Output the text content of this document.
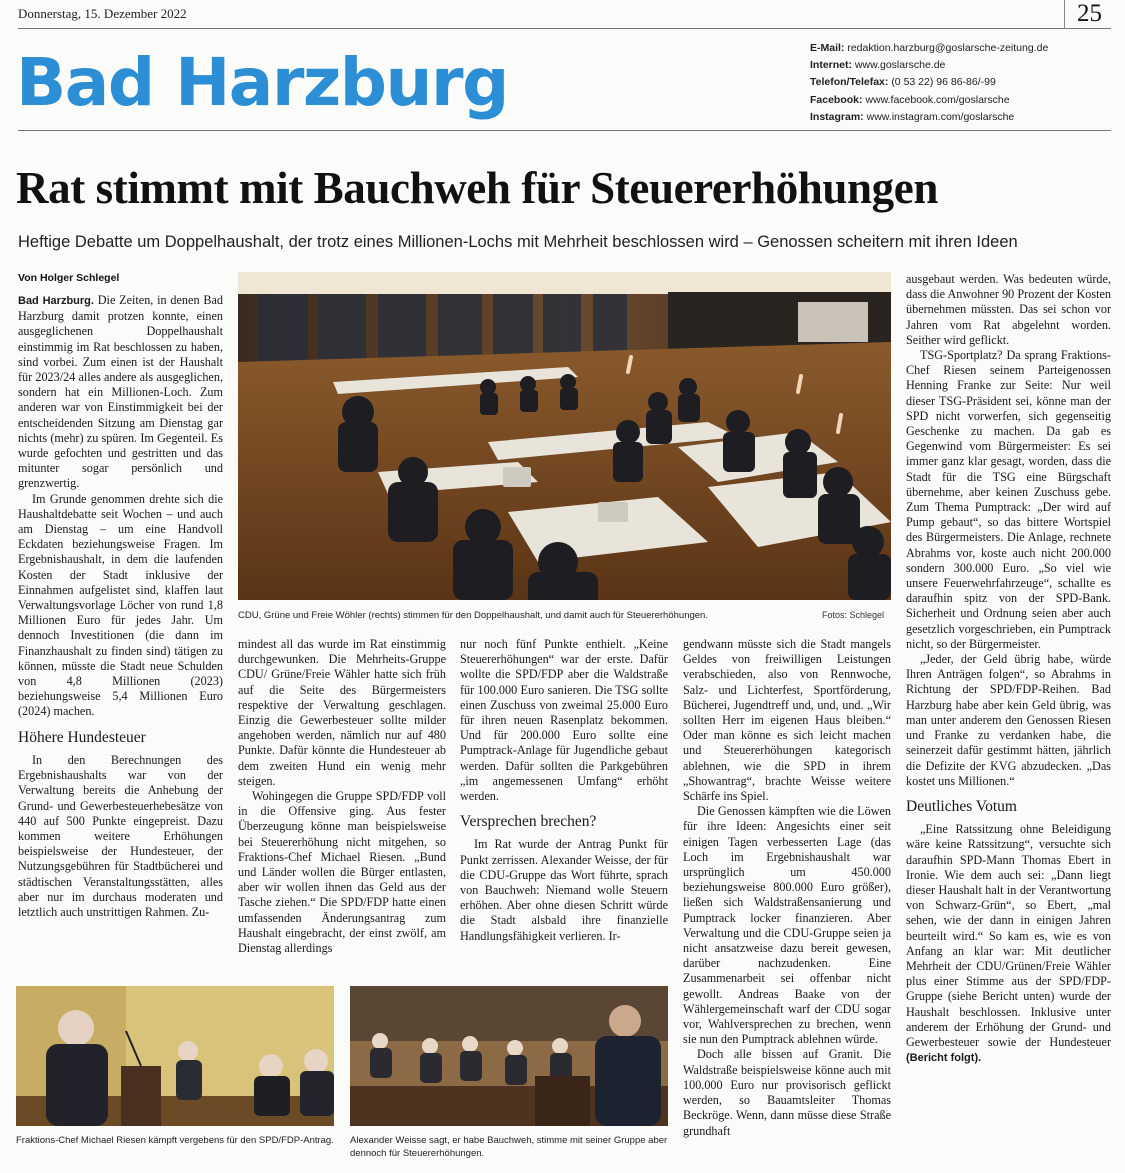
Donnerstag, 15. Dezember 2022	25
Bad Harzburg	E-Mail: redaktion.harzburg@goslarsche-zeitung.de
Internet: www.goslarsche.de
Telefon/Telefax: (0 53 22) 96 86-86/-99
Facebook: www.facebook.com/goslarsche
Instagram: www.instagram.com/goslarsche
Rat stimmt mit Bauchweh für Steuererhöhungen
Heftige Debatte um Doppelhaushalt, der trotz eines Millionen-Lochs mit Mehrheit beschlossen wird – Genossen scheitern mit ihren Ideen
Von Holger Schlegel

Bad Harzburg. Die Zeiten, in denen Bad Harzburg damit protzen konnte, einen ausgeglichenen Doppelhaushalt einstimmig im Rat beschlossen zu haben, sind vorbei. Zum einen ist der Haushalt für 2023/24 alles andere als ausgeglichen, sondern hat ein Millionen-Loch. Zum anderen war von Einstimmigkeit bei der entscheidenden Sitzung am Dienstag gar nichts (mehr) zu spüren. Im Gegenteil. Es wurde gefochten und gestritten und das mitunter sogar persönlich und grenzwertig.

Im Grunde genommen drehte sich die Haushaltdebatte seit Wochen – und auch am Dienstag – um eine Handvoll Eckdaten beziehungsweise Fragen. Im Ergebnishaushalt, in dem die laufenden Kosten der Stadt inklusive der Einnahmen aufgelistet sind, klaffen laut Verwaltungsvorlage Löcher von rund 1,8 Millionen Euro für jedes Jahr. Um dennoch Investitionen (die dann im Finanzhaushalt zu finden sind) tätigen zu können, müsste die Stadt neue Schulden von 4,8 Millionen (2023) beziehungsweise 5,4 Millionen Euro (2024) machen.

Höhere Hundesteuer

In den Berechnungen des Ergebnishaushalts war von der Verwaltung bereits die Anhebung der Grund- und Gewerbesteuerhebesätze von 440 auf 500 Punkte eingepreist. Dazu kommen weitere Erhöhungen beispielsweise der Hundesteuer, der Nutzungsgebühren für Stadtbücherei und städtischen Veranstaltungsstätten, alles aber nur im durchaus moderaten und letztlich auch unstrittigen Rahmen. Zu-

CDU, Grüne und Freie Wöhler (rechts) stimmen für den Doppelhaushalt, und damit auch für Steuererhöhungen.	Fotos: Schlegel

mindest all das wurde im Rat einstimmig durchgewunken. Die Mehrheits-Gruppe CDU/ Grüne/Freie Wähler hatte sich früh auf die Seite des Bürgermeisters respektive der Verwaltung geschlagen. Einzig die Gewerbesteuer sollte milder angehoben werden, nämlich nur auf 480 Punkte. Dafür könnte die Hundesteuer ab dem zweiten Hund ein wenig mehr steigen.

Wohingegen die Gruppe SPD/FDP voll in die Offensive ging. Aus fester Überzeugung könne man beispielsweise bei Steuererhöhung nicht mitgehen, so Fraktions-Chef Michael Riesen. „Bund und Länder wollen die Bürger entlasten, aber wir wollen ihnen das Geld aus der Tasche ziehen.“ Die SPD/FDP hatte einen umfassenden Änderungsantrag zum Haushalt eingebracht, der einst zwölf, am Dienstag allerdings

nur noch fünf Punkte enthielt. „Keine Steuererhöhungen“ war der erste. Dafür wollte die SPD/FDP aber die Waldstraße für 100.000 Euro sanieren. Die TSG sollte einen Zuschuss von zweimal 25.000 Euro für ihren neuen Rasenplatz bekommen. Und für 200.000 Euro sollte eine Pumptrack-Anlage für Jugendliche gebaut werden. Dafür sollten die Parkgebühren „im angemessenen Umfang“ erhöht werden.

Versprechen brechen?

Im Rat wurde der Antrag Punkt für Punkt zerrissen. Alexander Weisse, der für die CDU-Gruppe das Wort führte, sprach von Bauchweh: Niemand wolle Steuern erhöhen. Aber ohne diesen Schritt würde die Stadt alsbald ihre finanzielle Handlungsfähigkeit verlieren. Ir-

gendwann müsste sich die Stadt mangels Geldes von freiwilligen Leistungen verabschieden, also von Rennwoche, Salz- und Lichterfest, Sportförderung, Bücherei, Jugendtreff und, und, und. „Wir sollten Herr im eigenen Haus bleiben.“ Oder man könne es sich leicht machen und Steuererhöhungen kategorisch ablehnen, wie die SPD in ihrem „Showantrag“, brachte Weisse weitere Schärfe ins Spiel.

Die Genossen kämpften wie die Löwen für ihre Ideen: Angesichts einer seit einigen Tagen verbesserten Lage (das Loch im Ergebnishaushalt war ursprünglich um 450.000 beziehungsweise 800.000 Euro größer), ließen sich Waldstraßensanierung und Pumptrack locker finanzieren. Aber Verwaltung und die CDU-Gruppe seien ja nicht ansatzweise dazu bereit gewesen, darüber nachzudenken. Eine Zusammenarbeit sei offenbar nicht gewollt. Andreas Baake von der Wählergemeinschaft warf der CDU sogar vor, Wahlversprechen zu brechen, wenn sie nun den Pumptrack ablehnen würde.

Doch alle bissen auf Granit. Die Waldstraße beispielsweise könne auch mit 100.000 Euro nur provisorisch geflickt werden, so Bauamtsleiter Thomas Beckröge. Wenn, dann müsse diese Straße grundhaft

ausgebaut werden. Was bedeuten würde, dass die Anwohner 90 Prozent der Kosten übernehmen müssten. Das sei schon vor Jahren vom Rat abgelehnt worden. Seither wird geflickt.

TSG-Sportplatz? Da sprang Fraktions-Chef Riesen seinem Parteigenossen Henning Franke zur Seite: Nur weil dieser TSG-Präsident sei, könne man der SPD nicht vorwerfen, sich gegenseitig Geschenke zu machen. Da gab es Gegenwind vom Bürgermeister: Es sei immer ganz klar gesagt, worden, dass die Stadt für die TSG eine Bürgschaft übernehme, aber keinen Zuschuss gebe. Zum Thema Pumptrack: „Der wird auf Pump gebaut“, so das bittere Wortspiel des Bürgermeisters. Die Anlage, rechnete Abrahms vor, koste auch nicht 200.000 sondern 300.000 Euro. „So viel wie unsere Feuerwehrfahrzeuge“, schallte es daraufhin spitz von der SPD-Bank. Sicherheit und Ordnung seien aber auch gesetzlich vorgeschrieben, ein Pumptrack nicht, so der Bürgermeister.

„Jeder, der Geld übrig habe, würde Ihren Anträgen folgen“, so Abrahms in Richtung der SPD/FDP-Reihen. Bad Harzburg habe aber kein Geld übrig, was man unter anderem den Genossen Riesen und Franke zu verdanken habe, die seinerzeit dafür gestimmt hätten, jährlich die Defizite der KVG abzudecken. „Das kostet uns Millionen.“

Deutliches Votum

„Eine Ratssitzung ohne Beleidigung wäre keine Ratssitzung“, versuchte sich daraufhin SPD-Mann Thomas Ebert in Ironie. Wie dem auch sei: „Dann liegt dieser Haushalt halt in der Verantwortung von Schwarz-Grün“, so Ebert, „mal sehen, wie der dann in einigen Jahren beurteilt wird.“ So kam es, wie es von Anfang an klar war: Mit deutlicher Mehrheit der CDU/Grünen/Freie Wähler plus einer Stimme aus der SPD/FDP-Gruppe (siehe Bericht unten) wurde der Haushalt beschlossen. Inklusive unter anderem der Erhöhung der Grund- und Gewerbesteuer sowie der Hundesteuer (Bericht folgt).

Fraktions-Chef Michael Riesen kämpft vergebens für den SPD/FDP-Antrag. Alexander Weisse sagt, er habe Bauchweh, stimme mit seiner Gruppe aber dennoch für Steuererhöhungen.
